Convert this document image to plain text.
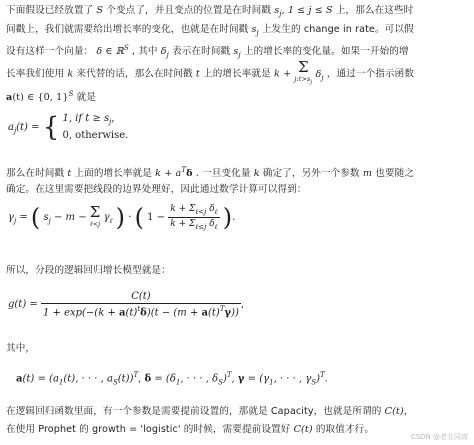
下面假设已经放置了 S 个变点了，并且变点的位置是在时间戳 $s_j$, 1 ≤ j ≤ S 上，那么在这些时
间戳上，我们就需要给出增长率的变化，也就是在时间戳 $s_j$ 上发生的 change in rate。可以假
设有这样一个向量： δ ∈ ℝ$^S$ , 其中 $\delta_j$ 表示在时间戳 $s_j$ 上的增长率的变化量。如果一开始的增
长率我们使用 k 来代替的话，那么在时间戳 t 上的增长率就是 k + Σ
$j:t>s_j$
$\delta_j$ ，通过一个指示函数
a(t) ∈ {0, 1}$^S$ 就是
$a_j(t)$ = { 1, if $t \ge s_j$,
0, otherwise.
那么在时间戳 t 上面的增长率就是 $k + a^T\delta$ . 一旦变化量 k 确定了，另外一个参数 m 也要随之
确定。在这里需要把线段的边界处理好，因此通过数学计算可以得到：
$\gamma_j$ = ( $s_j - m - \Sigma$
ℓ<j
$\gamma_\ell$ ) · ( $1 - \frac{k + \Sigma_{\ell<j} \delta_\ell}{k + \Sigma_{\ell\le j} \delta_\ell}$ ).
所以，分段的逻辑回归增长模型就是：
$g(t) = \frac{C(t)}{1 + \exp(-(k + a(t)^t\delta)(t - (m + a(t)^T\gamma))}$ ,
其中，
$a(t) = (a_1(t)$, · · · , $a_S(t))^T$, $\delta = (\delta_1$, · · · , $\delta_S)^T$, $\gamma = (\gamma_1$, · · · , $\gamma_S)^T$.
在逻辑回归函数里面，有一个参数是需要提前设置的，那就是 Capacity，也就是所谓的 C(t)，
在使用 Prophet 的 growth = 'logistic' 的时候，需要提前设置好 C(t) 的取值才行。
CSDN @老北同湾
